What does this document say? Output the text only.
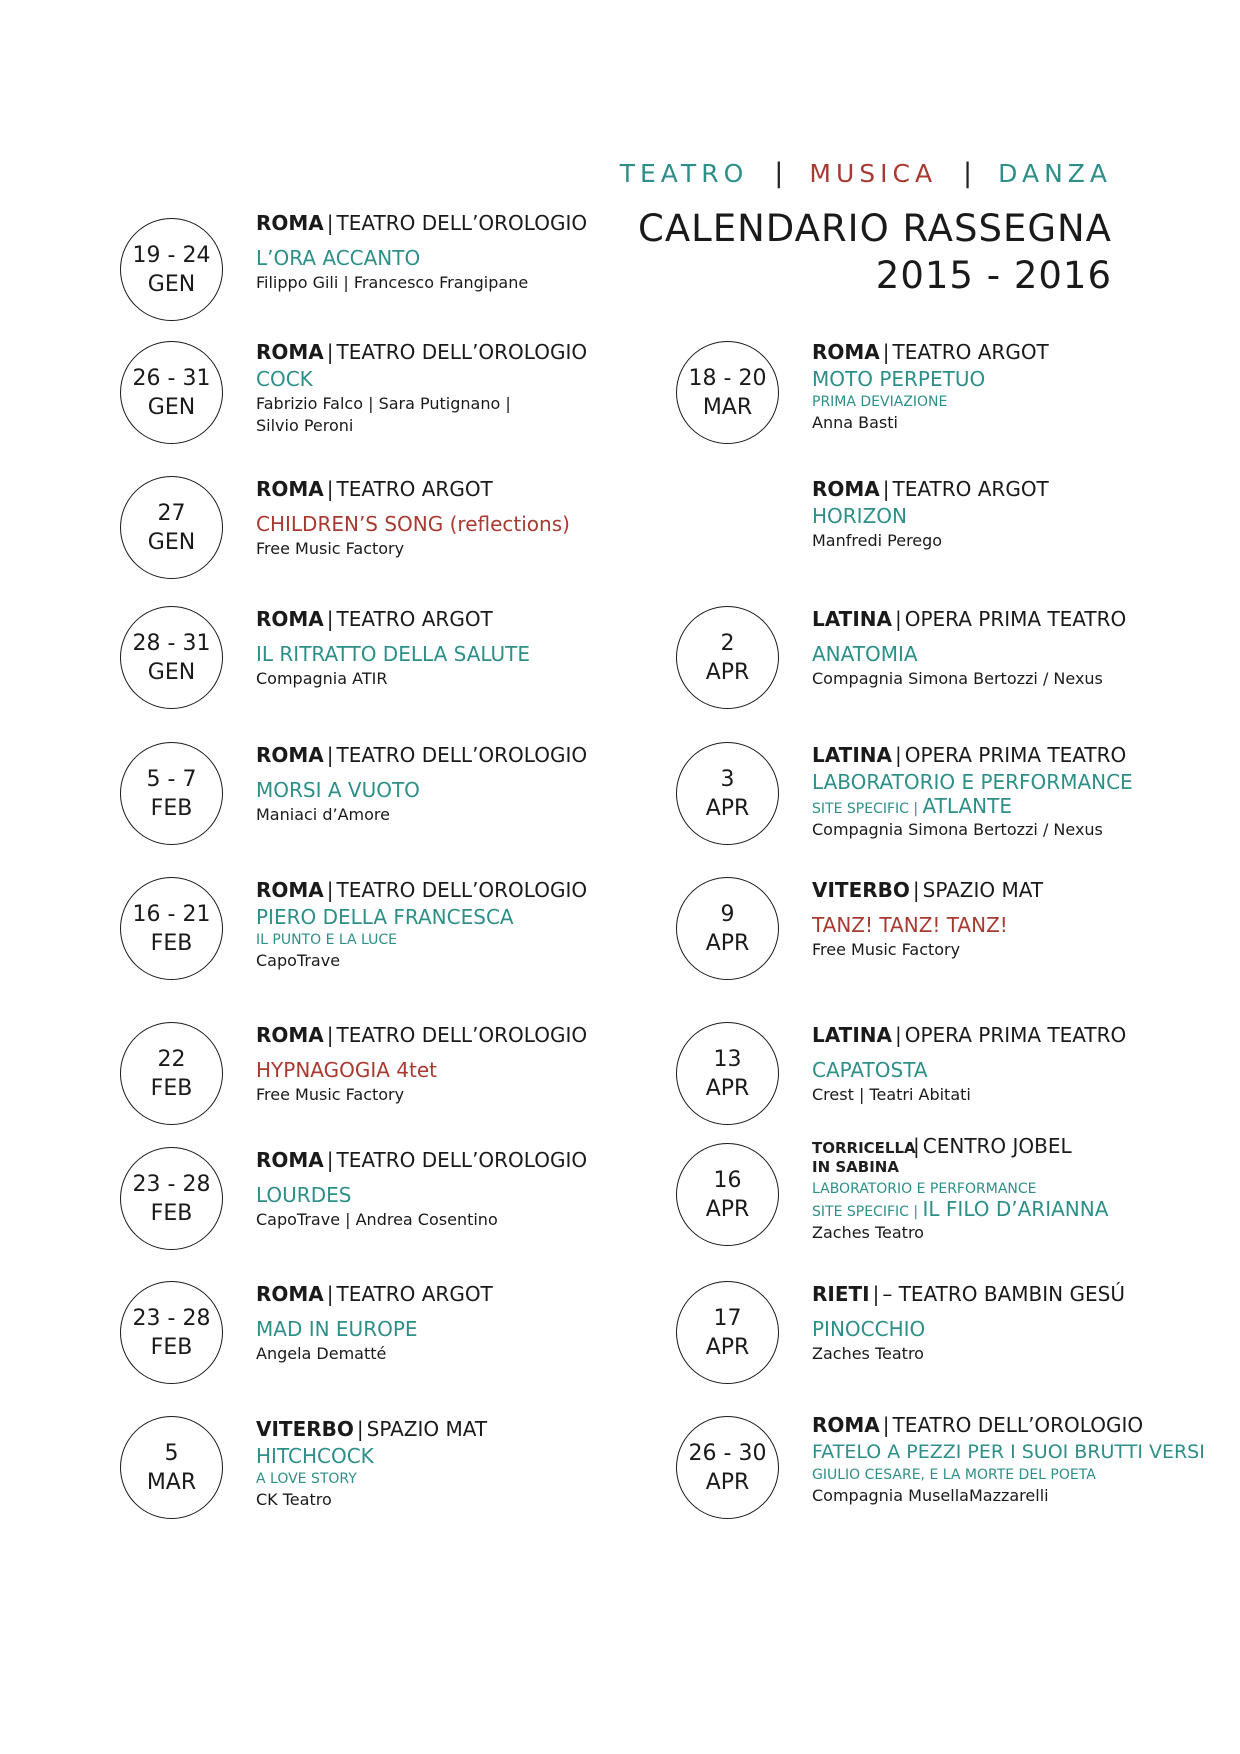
TEATRO | MUSICA | DANZA
CALENDARIO RASSEGNA
2015 - 2016
19 - 24
GEN
ROMA | TEATRO DELL’OROLOGIO
L’ORA ACCANTO
Filippo Gili | Francesco Frangipane
26 - 31
GEN
ROMA | TEATRO DELL’OROLOGIO
COCK
Fabrizio Falco | Sara Putignano |
Silvio Peroni
27
GEN
ROMA | TEATRO ARGOT
CHILDREN’S SONG (reflections)
Free Music Factory
28 - 31
GEN
ROMA | TEATRO ARGOT
IL RITRATTO DELLA SALUTE
Compagnia ATIR
5 - 7
FEB
ROMA | TEATRO DELL’OROLOGIO
MORSI A VUOTO
Maniaci d’Amore
16 - 21
FEB
ROMA | TEATRO DELL’OROLOGIO
PIERO DELLA FRANCESCA
IL PUNTO E LA LUCE
CapoTrave
22
FEB
ROMA | TEATRO DELL’OROLOGIO
HYPNAGOGIA 4tet
Free Music Factory
23 - 28
FEB
ROMA | TEATRO DELL’OROLOGIO
LOURDES
CapoTrave | Andrea Cosentino
23 - 28
FEB
ROMA | TEATRO ARGOT
MAD IN EUROPE
Angela Dematté
5
MAR
VITERBO | SPAZIO MAT
HITCHCOCK
A LOVE STORY
CK Teatro
18 - 20
MAR
ROMA | TEATRO ARGOT
MOTO PERPETUO
PRIMA DEVIAZIONE
Anna Basti
ROMA | TEATRO ARGOT
HORIZON
Manfredi Perego
2
APR
LATINA | OPERA PRIMA TEATRO
ANATOMIA
Compagnia Simona Bertozzi / Nexus
3
APR
LATINA | OPERA PRIMA TEATRO
LABORATORIO E PERFORMANCE
SITE SPECIFIC | ATLANTE
Compagnia Simona Bertozzi / Nexus
9
APR
VITERBO | SPAZIO MAT
TANZ! TANZ! TANZ!
Free Music Factory
13
APR
LATINA | OPERA PRIMA TEATRO
CAPATOSTA
Crest | Teatri Abitati
16
APR
TORRICELLA
IN SABINA
| CENTRO JOBEL
LABORATORIO E PERFORMANCE
SITE SPECIFIC | IL FILO D’ARIANNA
Zaches Teatro
17
APR
RIETI | – TEATRO BAMBIN GESÚ
PINOCCHIO
Zaches Teatro
26 - 30
APR
ROMA | TEATRO DELL’OROLOGIO
FATELO A PEZZI PER I SUOI BRUTTI VERSI
GIULIO CESARE, E LA MORTE DEL POETA
Compagnia MusellaMazzarelli
